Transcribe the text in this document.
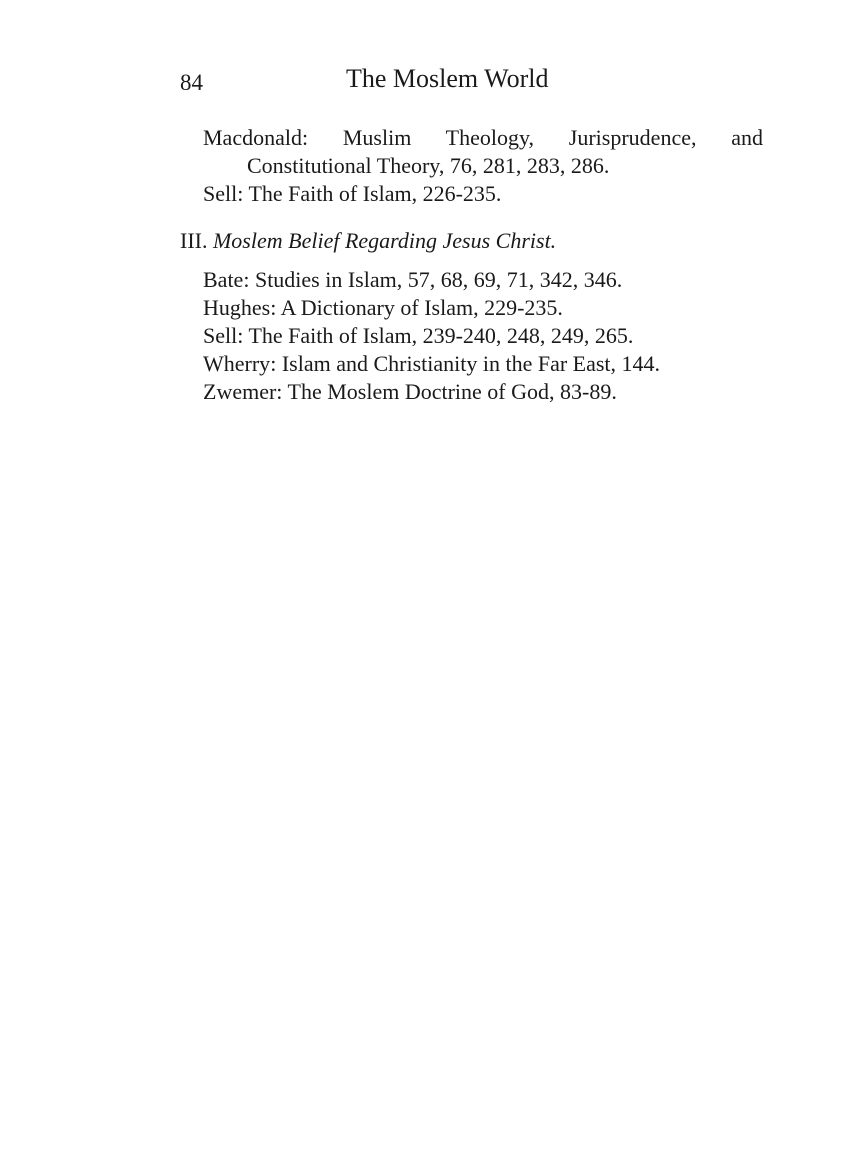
84	The Moslem World
Macdonald : Muslim Theology, Jurisprudence, and Constitutional Theory, 76, 281, 283, 286.
Sell : The Faith of Islam, 226-235.
III. Moslem Belief Regarding Jesus Christ.
Bate : Studies in Islam, 57, 68, 69, 71, 342, 346.
Hughes : A Dictionary of Islam, 229-235.
Sell : The Faith of Islam, 239-240, 248, 249, 265.
Wherry : Islam and Christianity in the Far East, 144.
Zwemer : The Moslem Doctrine of God, 83-89.
